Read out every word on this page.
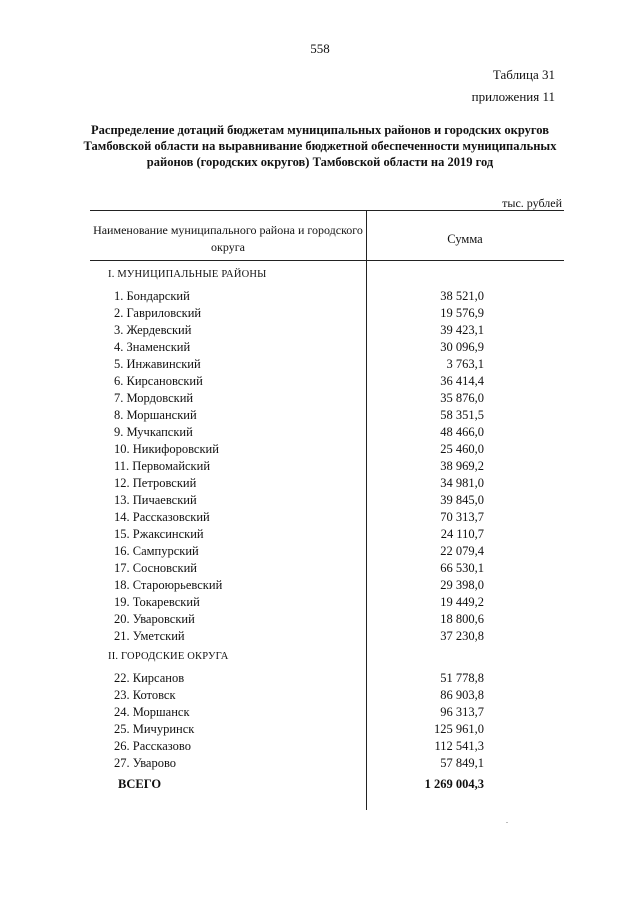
558
Таблица 31
приложения 11
Распределение дотаций бюджетам муниципальных районов и городских округов Тамбовской области на выравнивание бюджетной обеспеченности муниципальных районов (городских округов) Тамбовской области на 2019 год
тыс. рублей
Наименование муниципального района и городского округа
Сумма
I. МУНИЦИПАЛЬНЫЕ РАЙОНЫ
1. Бондарский	38 521,0
2. Гавриловский	19 576,9
3. Жердевский	39 423,1
4. Знаменский	30 096,9
5. Инжавинский	3 763,1
6. Кирсановский	36 414,4
7. Мордовский	35 876,0
8. Моршанский	58 351,5
9. Мучкапский	48 466,0
10. Никифоровский	25 460,0
11. Первомайский	38 969,2
12. Петровский	34 981,0
13. Пичаевский	39 845,0
14. Рассказовский	70 313,7
15. Ржаксинский	24 110,7
16. Сампурский	22 079,4
17. Сосновский	66 530,1
18. Староюрьевский	29 398,0
19. Токаревский	19 449,2
20. Уваровский	18 800,6
21. Уметский	37 230,8
II. ГОРОДСКИЕ ОКРУГА
22. Кирсанов	51 778,8
23. Котовск	86 903,8
24. Моршанск	96 313,7
25. Мичуринск	125 961,0
26. Рассказово	112 541,3
27. Уварово	57 849,1
ВСЕГО	1 269 004,3
